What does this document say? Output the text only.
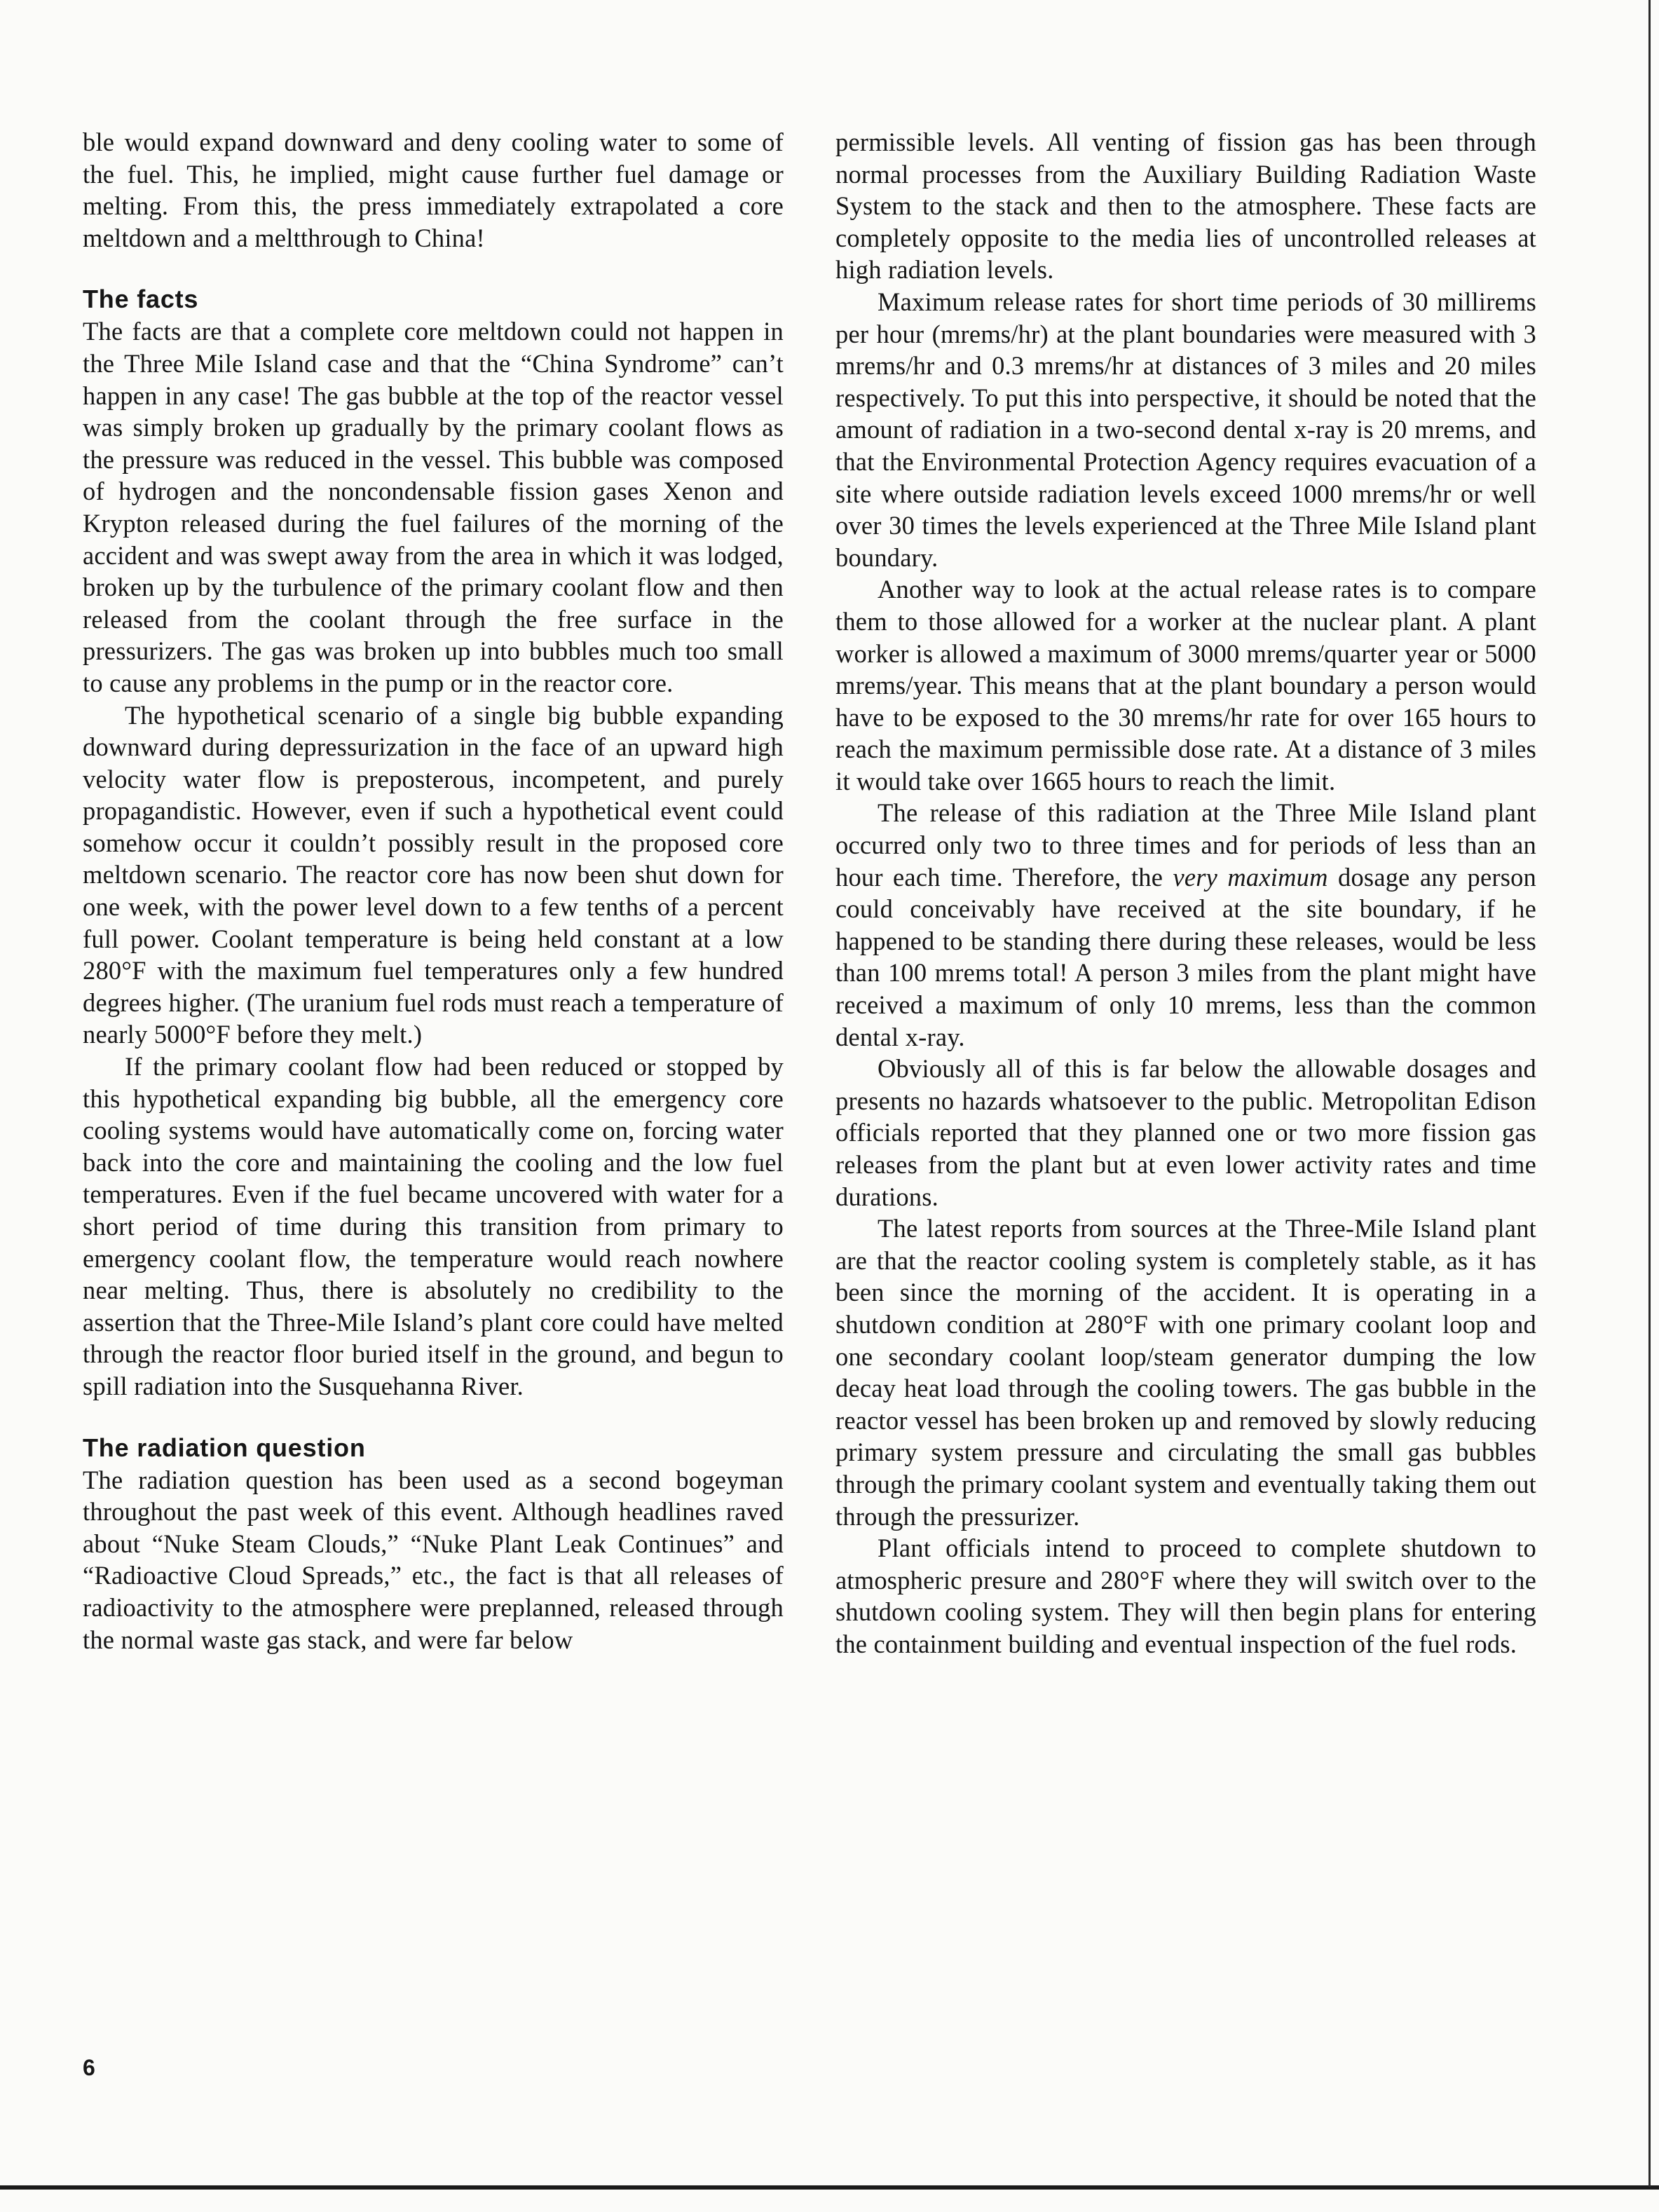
ble would expand downward and deny cooling water to some of the fuel. This, he implied, might cause further fuel damage or melting. From this, the press immediately extrapolated a core meltdown and a meltthrough to China!

The facts

The facts are that a complete core meltdown could not happen in the Three Mile Island case and that the “China Syndrome” can’t happen in any case! The gas bubble at the top of the reactor vessel was simply broken up gradually by the primary coolant flows as the pressure was reduced in the vessel. This bubble was composed of hydrogen and the noncondensable fission gases Xenon and Krypton released during the fuel failures of the morning of the accident and was swept away from the area in which it was lodged, broken up by the turbulence of the primary coolant flow and then released from the coolant through the free surface in the pressurizers. The gas was broken up into bubbles much too small to cause any problems in the pump or in the reactor core.

The hypothetical scenario of a single big bubble expanding downward during depressurization in the face of an upward high velocity water flow is preposterous, incompetent, and purely propagandistic. However, even if such a hypothetical event could somehow occur it couldn’t possibly result in the proposed core meltdown scenario. The reactor core has now been shut down for one week, with the power level down to a few tenths of a percent full power. Coolant temperature is being held constant at a low 280°F with the maximum fuel temperatures only a few hundred degrees higher. (The uranium fuel rods must reach a temperature of nearly 5000°F before they melt.)

If the primary coolant flow had been reduced or stopped by this hypothetical expanding big bubble, all the emergency core cooling systems would have automatically come on, forcing water back into the core and maintaining the cooling and the low fuel temperatures. Even if the fuel became uncovered with water for a short period of time during this transition from primary to emergency coolant flow, the temperature would reach nowhere near melting. Thus, there is absolutely no credibility to the assertion that the Three-Mile Island’s plant core could have melted through the reactor floor buried itself in the ground, and begun to spill radiation into the Susquehanna River.

The radiation question

The radiation question has been used as a second bogeyman throughout the past week of this event. Although headlines raved about “Nuke Steam Clouds,” “Nuke Plant Leak Continues” and “Radioactive Cloud Spreads,” etc., the fact is that all releases of radioactivity to the atmosphere were preplanned, released through the normal waste gas stack, and were far below

permissible levels. All venting of fission gas has been through normal processes from the Auxiliary Building Radiation Waste System to the stack and then to the atmosphere. These facts are completely opposite to the media lies of uncontrolled releases at high radiation levels.

Maximum release rates for short time periods of 30 millirems per hour (mrems/hr) at the plant boundaries were measured with 3 mrems/hr and 0.3 mrems/hr at distances of 3 miles and 20 miles respectively. To put this into perspective, it should be noted that the amount of radiation in a two-second dental x-ray is 20 mrems, and that the Environmental Protection Agency requires evacuation of a site where outside radiation levels exceed 1000 mrems/hr or well over 30 times the levels experienced at the Three Mile Island plant boundary.

Another way to look at the actual release rates is to compare them to those allowed for a worker at the nuclear plant. A plant worker is allowed a maximum of 3000 mrems/quarter year or 5000 mrems/year. This means that at the plant boundary a person would have to be exposed to the 30 mrems/hr rate for over 165 hours to reach the maximum permissible dose rate. At a distance of 3 miles it would take over 1665 hours to reach the limit.

The release of this radiation at the Three Mile Island plant occurred only two to three times and for periods of less than an hour each time. Therefore, the very maximum dosage any person could conceivably have received at the site boundary, if he happened to be standing there during these releases, would be less than 100 mrems total! A person 3 miles from the plant might have received a maximum of only 10 mrems, less than the common dental x-ray.

Obviously all of this is far below the allowable dosages and presents no hazards whatsoever to the public. Metropolitan Edison officials reported that they planned one or two more fission gas releases from the plant but at even lower activity rates and time durations.

The latest reports from sources at the Three-Mile Island plant are that the reactor cooling system is completely stable, as it has been since the morning of the accident. It is operating in a shutdown condition at 280°F with one primary coolant loop and one secondary coolant loop/steam generator dumping the low decay heat load through the cooling towers. The gas bubble in the reactor vessel has been broken up and removed by slowly reducing primary system pressure and circulating the small gas bubbles through the primary coolant system and eventually taking them out through the pressurizer.

Plant officials intend to proceed to complete shutdown to atmospheric presure and 280°F where they will switch over to the shutdown cooling system. They will then begin plans for entering the containment building and eventual inspection of the fuel rods.

6
